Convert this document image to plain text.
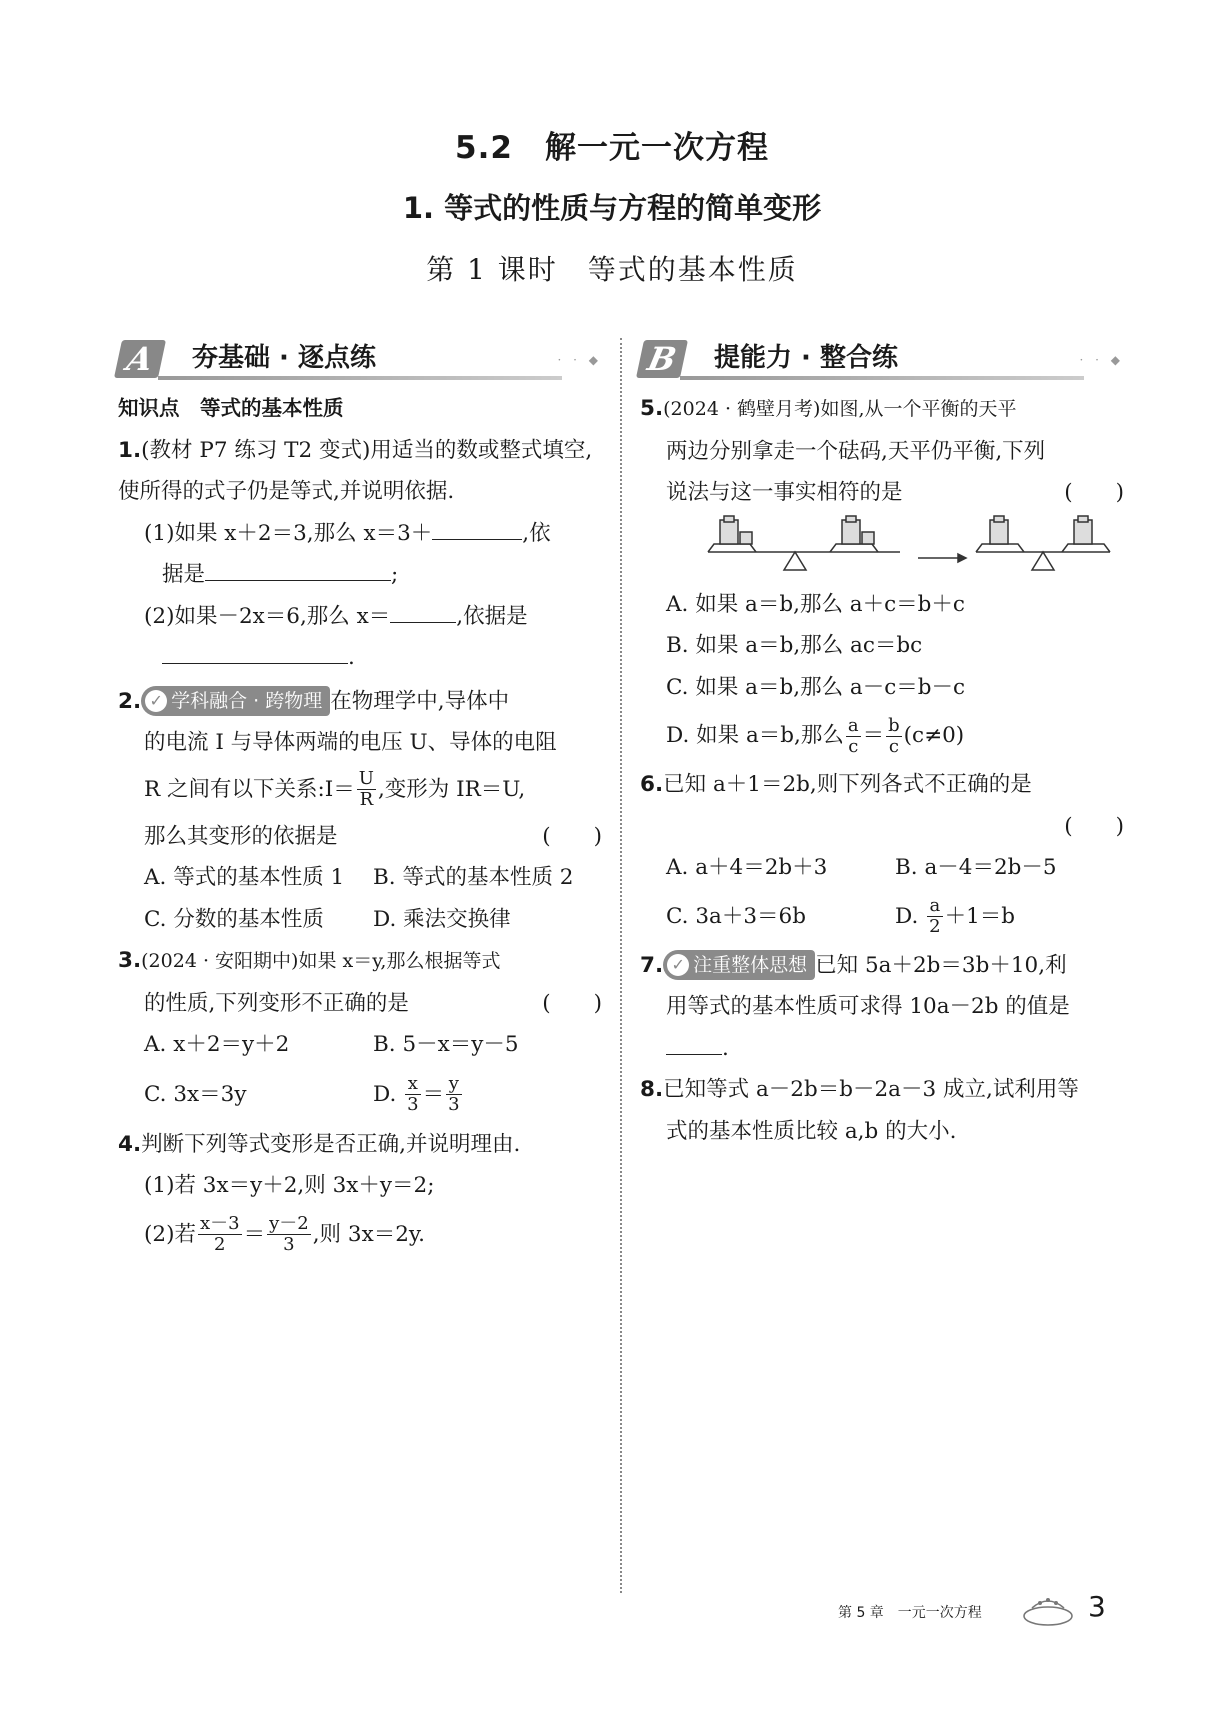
5.2　解一元一次方程
1. 等式的性质与方程的简单变形
第 1 课时　等式的基本性质
A	夯基础 · 逐点练	· · ◆
知识点　等式的基本性质
1.(教材 P7 练习 T2 变式)用适当的数或整式填空,使所得的式子仍是等式,并说明依据.
(1)如果 x＋2＝3,那么 x＝3＋	,依
据是	;
(2)如果－2x＝6,那么 x＝	,依据是
.
2. ✓ 学科融合 · 跨物理 在物理学中,导体中
的电流 I 与导体两端的电压 U、导体的电阻
R 之间有以下关系:I＝ $\frac{U}{R}$ ,变形为 IR＝U,
那么其变形的依据是	(　　)
A. 等式的基本性质 1	B. 等式的基本性质 2
C. 分数的基本性质	D. 乘法交换律
3.(2024 · 安阳期中)如果 x＝y,那么根据等式
的性质,下列变形不正确的是	(　　)
A. x＋2＝y＋2	B. 5－x＝y－5
C. 3x＝3y	D. $\frac{x}{3} = \frac{y}{3}$
4.判断下列等式变形是否正确,并说明理由.
(1)若 3x＝y＋2,则 3x＋y＝2;
(2)若 $\frac{x-3}{2} = \frac{y-2}{3}$ ,则 3x＝2y.
B	提能力 · 整合练	· · ◆
5.(2024 · 鹤壁月考)如图,从一个平衡的天平
两边分别拿走一个砝码,天平仍平衡,下列
说法与这一事实相符的是	(　　)
A. 如果 a＝b,那么 a＋c＝b＋c
B. 如果 a＝b,那么 ac＝bc
C. 如果 a＝b,那么 a－c＝b－c
D. 如果 a＝b,那么 $\frac{a}{c} = \frac{b}{c} (c\ne 0)$
6.已知 a＋1＝2b,则下列各式不正确的是
(　　)
A. a＋4＝2b＋3	B. a－4＝2b－5
C. 3a＋3＝6b	D. $\frac{a}{2} +1=b$
7. ✓ 注重整体思想 已知 5a＋2b＝3b＋10,利
用等式的基本性质可求得 10a－2b 的值是
.
8.已知等式 a－2b＝b－2a－3 成立,试利用等
式的基本性质比较 a,b 的大小.
第 5 章　一元一次方程	3
